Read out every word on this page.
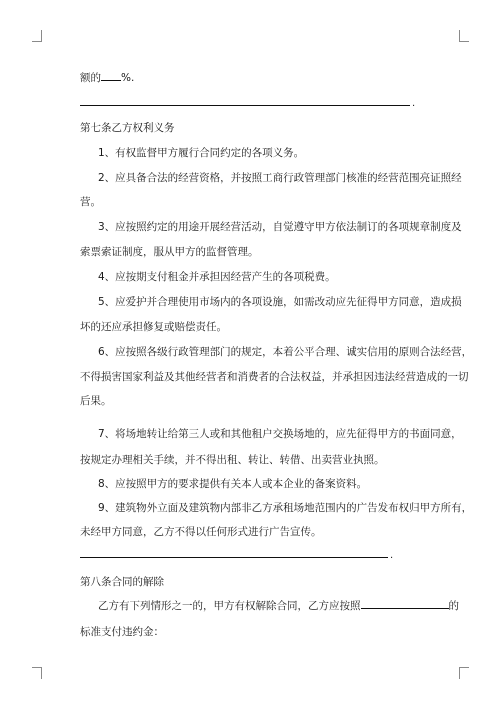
额的 %.
.
第七条乙方权利义务
1、有权监督甲方履行合同约定的各项义务。
2、应具备合法的经营资格，并按照工商行政管理部门核准的经营范围亮证照经
营。
3、应按照约定的用途开展经营活动，自觉遵守甲方依法制订的各项规章制度及
索票索证制度，服从甲方的监督管理。
4、应按期支付租金并承担因经营产生的各项税费。
5、应爱护并合理使用市场内的各项设施，如需改动应先征得甲方同意，造成损
坏的还应承担修复或赔偿责任。
6、应按照各级行政管理部门的规定，本着公平合理、诚实信用的原则合法经营，
不得损害国家利益及其他经营者和消费者的合法权益，并承担因违法经营造成的一切
后果。
7、将场地转让给第三人或和其他租户交换场地的，应先征得甲方的书面同意，
按规定办理相关手续，并不得出租、转让、转借、出卖营业执照。
8、应按照甲方的要求提供有关本人或本企业的备案资料。
9、建筑物外立面及建筑物内部非乙方承租场地范围内的广告发布权归甲方所有，
未经甲方同意，乙方不得以任何形式进行广告宣传。
.
第八条合同的解除
乙方有下列情形之一的，甲方有权解除合同，乙方应按照	的
标准支付违约金：
